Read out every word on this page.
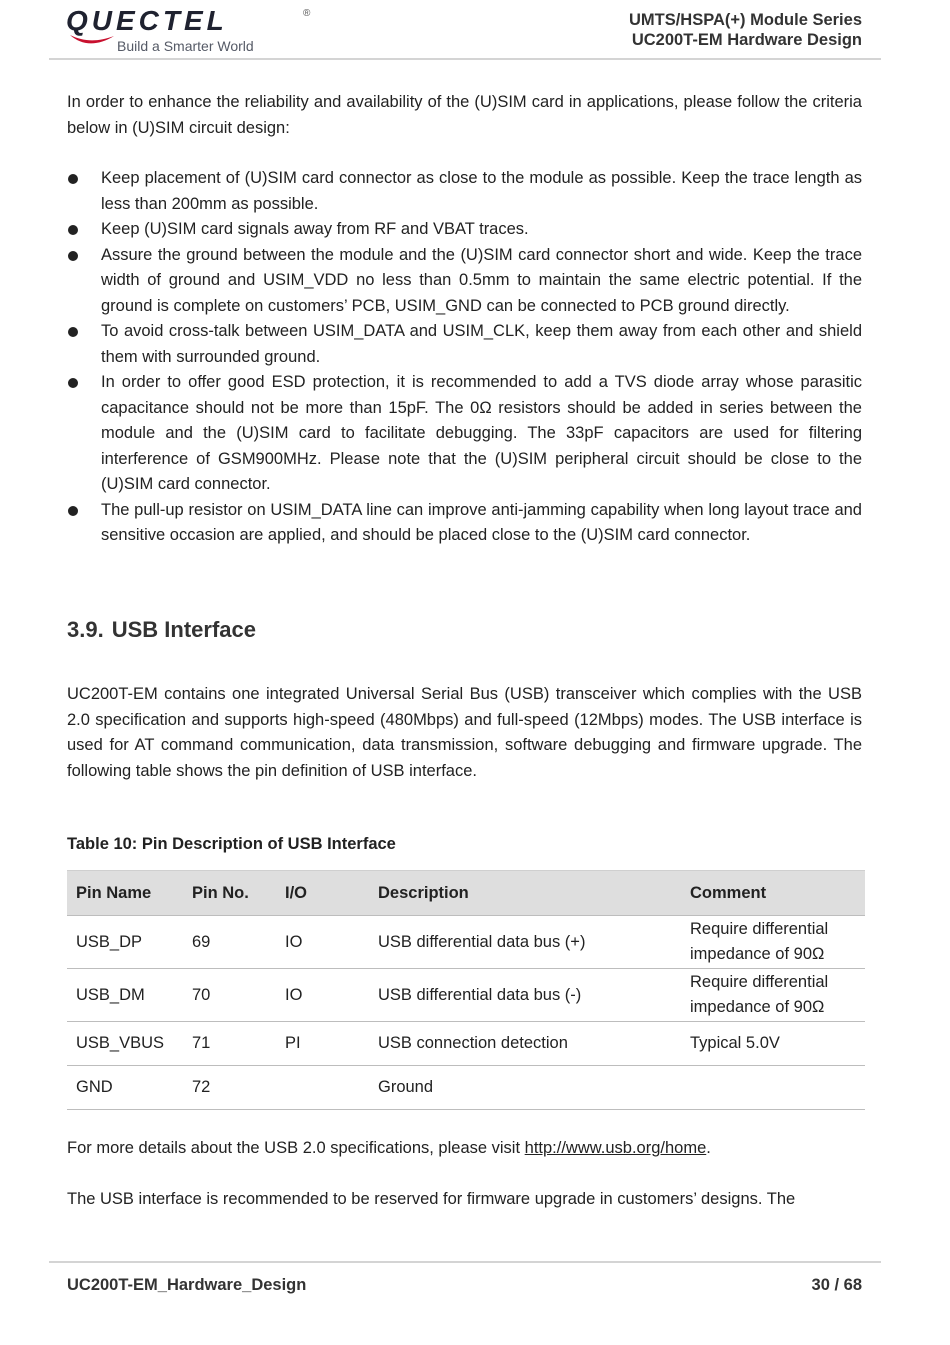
QUECTEL	®
Build a Smarter World
UMTS/HSPA(+) Module Series
UC200T-EM Hardware Design
In order to enhance the reliability and availability of the (U)SIM card in applications, please follow the criteria below in (U)SIM circuit design:
Keep placement of (U)SIM card connector as close to the module as possible. Keep the trace length as less than 200mm as possible.
Keep (U)SIM card signals away from RF and VBAT traces.
Assure the ground between the module and the (U)SIM card connector short and wide. Keep the trace width of ground and USIM_VDD no less than 0.5mm to maintain the same electric potential. If the ground is complete on customers’ PCB, USIM_GND can be connected to PCB ground directly.
To avoid cross-talk between USIM_DATA and USIM_CLK, keep them away from each other and shield them with surrounded ground.
In order to offer good ESD protection, it is recommended to add a TVS diode array whose parasitic capacitance should not be more than 15pF. The 0Ω resistors should be added in series between the module and the (U)SIM card to facilitate debugging. The 33pF capacitors are used for filtering interference of GSM900MHz. Please note that the (U)SIM peripheral circuit should be close to the (U)SIM card connector.
The pull-up resistor on USIM_DATA line can improve anti-jamming capability when long layout trace and sensitive occasion are applied, and should be placed close to the (U)SIM card connector.
3.9. USB Interface
UC200T-EM contains one integrated Universal Serial Bus (USB) transceiver which complies with the USB 2.0 specification and supports high-speed (480Mbps) and full-speed (12Mbps) modes. The USB interface is used for AT command communication, data transmission, software debugging and firmware upgrade. The following table shows the pin definition of USB interface.
Table 10: Pin Description of USB Interface
Pin Name	Pin No.	I/O	Description	Comment
USB_DP	69	IO	USB differential data bus (+)	Require differential impedance of 90Ω
USB_DM	70	IO	USB differential data bus (-)	Require differential impedance of 90Ω
USB_VBUS	71	PI	USB connection detection	Typical 5.0V
GND	72		Ground	
For more details about the USB 2.0 specifications, please visit http://www.usb.org/home.
The USB interface is recommended to be reserved for firmware upgrade in customers’ designs. The
UC200T-EM_Hardware_Design	30 / 68
